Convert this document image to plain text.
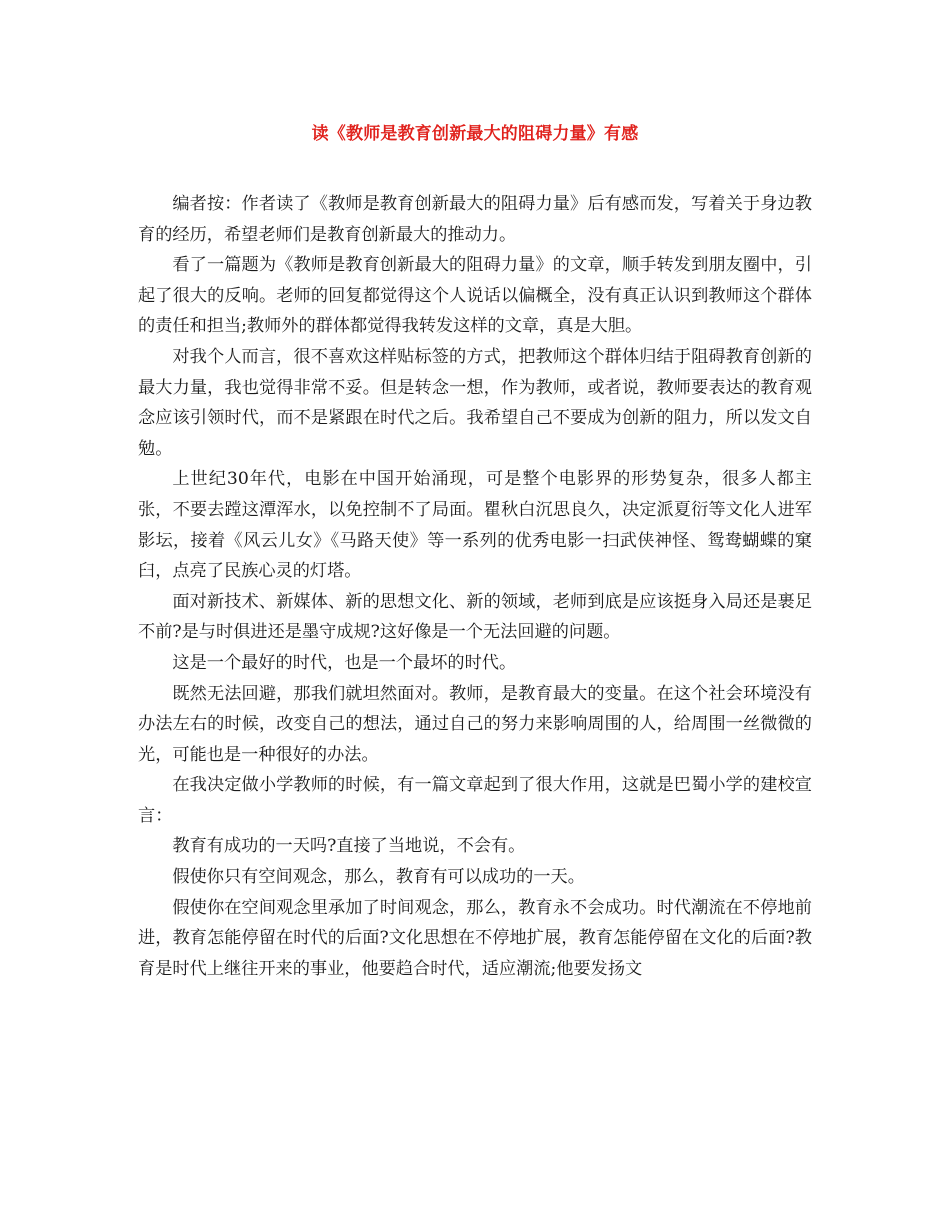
读《教师是教育创新最大的阻碍力量》有感

编者按：作者读了《教师是教育创新最大的阻碍力量》后有感而发，写着关于身边教育的经历，希望老师们是教育创新最大的推动力。

看了一篇题为《教师是教育创新最大的阻碍力量》的文章，顺手转发到朋友圈中，引起了很大的反响。老师的回复都觉得这个人说话以偏概全，没有真正认识到教师这个群体的责任和担当;教师外的群体都觉得我转发这样的文章，真是大胆。

对我个人而言，很不喜欢这样贴标签的方式，把教师这个群体归结于阻碍教育创新的最大力量，我也觉得非常不妥。但是转念一想，作为教师，或者说，教师要表达的教育观念应该引领时代，而不是紧跟在时代之后。我希望自己不要成为创新的阻力，所以发文自勉。

上世纪30年代，电影在中国开始涌现，可是整个电影界的形势复杂，很多人都主张，不要去蹚这潭浑水，以免控制不了局面。瞿秋白沉思良久，决定派夏衍等文化人进军影坛，接着《风云儿女》《马路天使》等一系列的优秀电影一扫武侠神怪、鸳鸯蝴蝶的窠臼，点亮了民族心灵的灯塔。

面对新技术、新媒体、新的思想文化、新的领域，老师到底是应该挺身入局还是裹足不前?是与时俱进还是墨守成规?这好像是一个无法回避的问题。

这是一个最好的时代，也是一个最坏的时代。

既然无法回避，那我们就坦然面对。教师，是教育最大的变量。在这个社会环境没有办法左右的时候，改变自己的想法，通过自己的努力来影响周围的人，给周围一丝微微的光，可能也是一种很好的办法。

在我决定做小学教师的时候，有一篇文章起到了很大作用，这就是巴蜀小学的建校宣言：

教育有成功的一天吗?直接了当地说，不会有。

假使你只有空间观念，那么，教育有可以成功的一天。

假使你在空间观念里承加了时间观念，那么，教育永不会成功。时代潮流在不停地前进，教育怎能停留在时代的后面?文化思想在不停地扩展，教育怎能停留在文化的后面?教育是时代上继往开来的事业，他要趋合时代，适应潮流;他要发扬文
